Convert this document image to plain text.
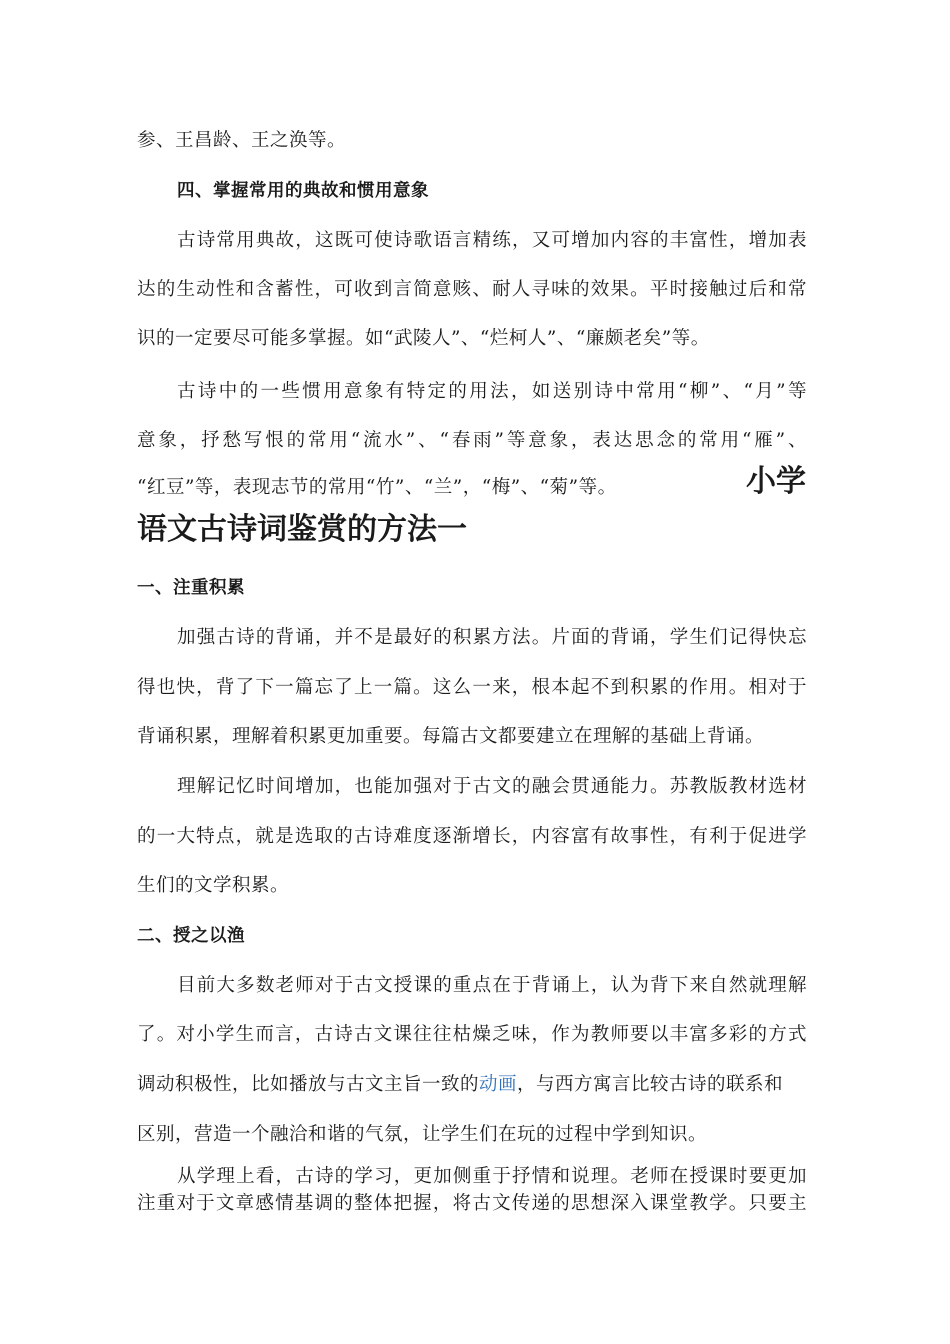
参、王昌龄、王之涣等。
四、掌握常用的典故和惯用意象
古诗常用典故，这既可使诗歌语言精练，又可增加内容的丰富性，增加表
达的生动性和含蓄性，可收到言简意赅、耐人寻味的效果。平时接触过后和常
识的一定要尽可能多掌握。如“武陵人”、“烂柯人”、“廉颇老矣”等。
古诗中的一些惯用意象有特定的用法，如送别诗中常用“柳”、“月”等
意象，抒愁写恨的常用“流水”、“春雨”等意象，表达思念的常用“雁”、
“红豆”等，表现志节的常用“竹”、“兰”，“梅”、“菊”等。	小学
语文古诗词鉴赏的方法一
一、注重积累
加强古诗的背诵，并不是最好的积累方法。片面的背诵，学生们记得快忘
得也快，背了下一篇忘了上一篇。这么一来，根本起不到积累的作用。相对于
背诵积累，理解着积累更加重要。每篇古文都要建立在理解的基础上背诵。
理解记忆时间增加，也能加强对于古文的融会贯通能力。苏教版教材选材
的一大特点，就是选取的古诗难度逐渐增长，内容富有故事性，有利于促进学
生们的文学积累。
二、授之以渔
目前大多数老师对于古文授课的重点在于背诵上，认为背下来自然就理解
了。对小学生而言，古诗古文课往往枯燥乏味，作为教师要以丰富多彩的方式
调动积极性，比如播放与古文主旨一致的动画，与西方寓言比较古诗的联系和
区别，营造一个融洽和谐的气氛，让学生们在玩的过程中学到知识。
从学理上看，古诗的学习，更加侧重于抒情和说理。老师在授课时要更加
注重对于文章感情基调的整体把握，将古文传递的思想深入课堂教学。只要主
